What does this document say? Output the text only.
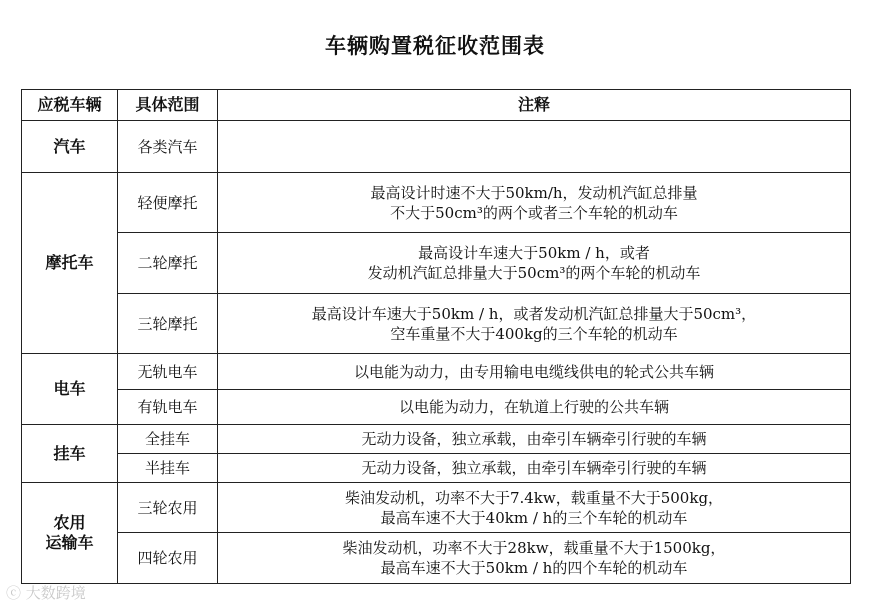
车辆购置税征收范围表
应税车辆	具体范围	注释

汽车	各类汽车	

摩托车	轻便摩托	最高设计时速不大于50km/h，发动机汽缸总排量
不大于50cm³的两个或者三个车轮的机动车

	二轮摩托	最高设计车速大于50km / h，或者
发动机汽缸总排量大于50cm³的两个车轮的机动车

	三轮摩托	最高设计车速大于50km / h，或者发动机汽缸总排量大于50cm³，
空车重量不大于400kg的三个车轮的机动车

电车	无轨电车	以电能为动力，由专用输电电缆线供电的轮式公共车辆

	有轨电车	以电能为动力，在轨道上行驶的公共车辆

挂车	全挂车	无动力设备，独立承载，由牵引车辆牵引行驶的车辆

	半挂车	无动力设备，独立承载，由牵引车辆牵引行驶的车辆

农用
运输车	三轮农用	柴油发动机，功率不大于7.4kw，载重量不大于500kg，
最高车速不大于40km / h的三个车轮的机动车

	四轮农用	柴油发动机，功率不大于28kw，载重量不大于1500kg，
最高车速不大于50km / h的四个车轮的机动车
ⓒ 大数跨境
